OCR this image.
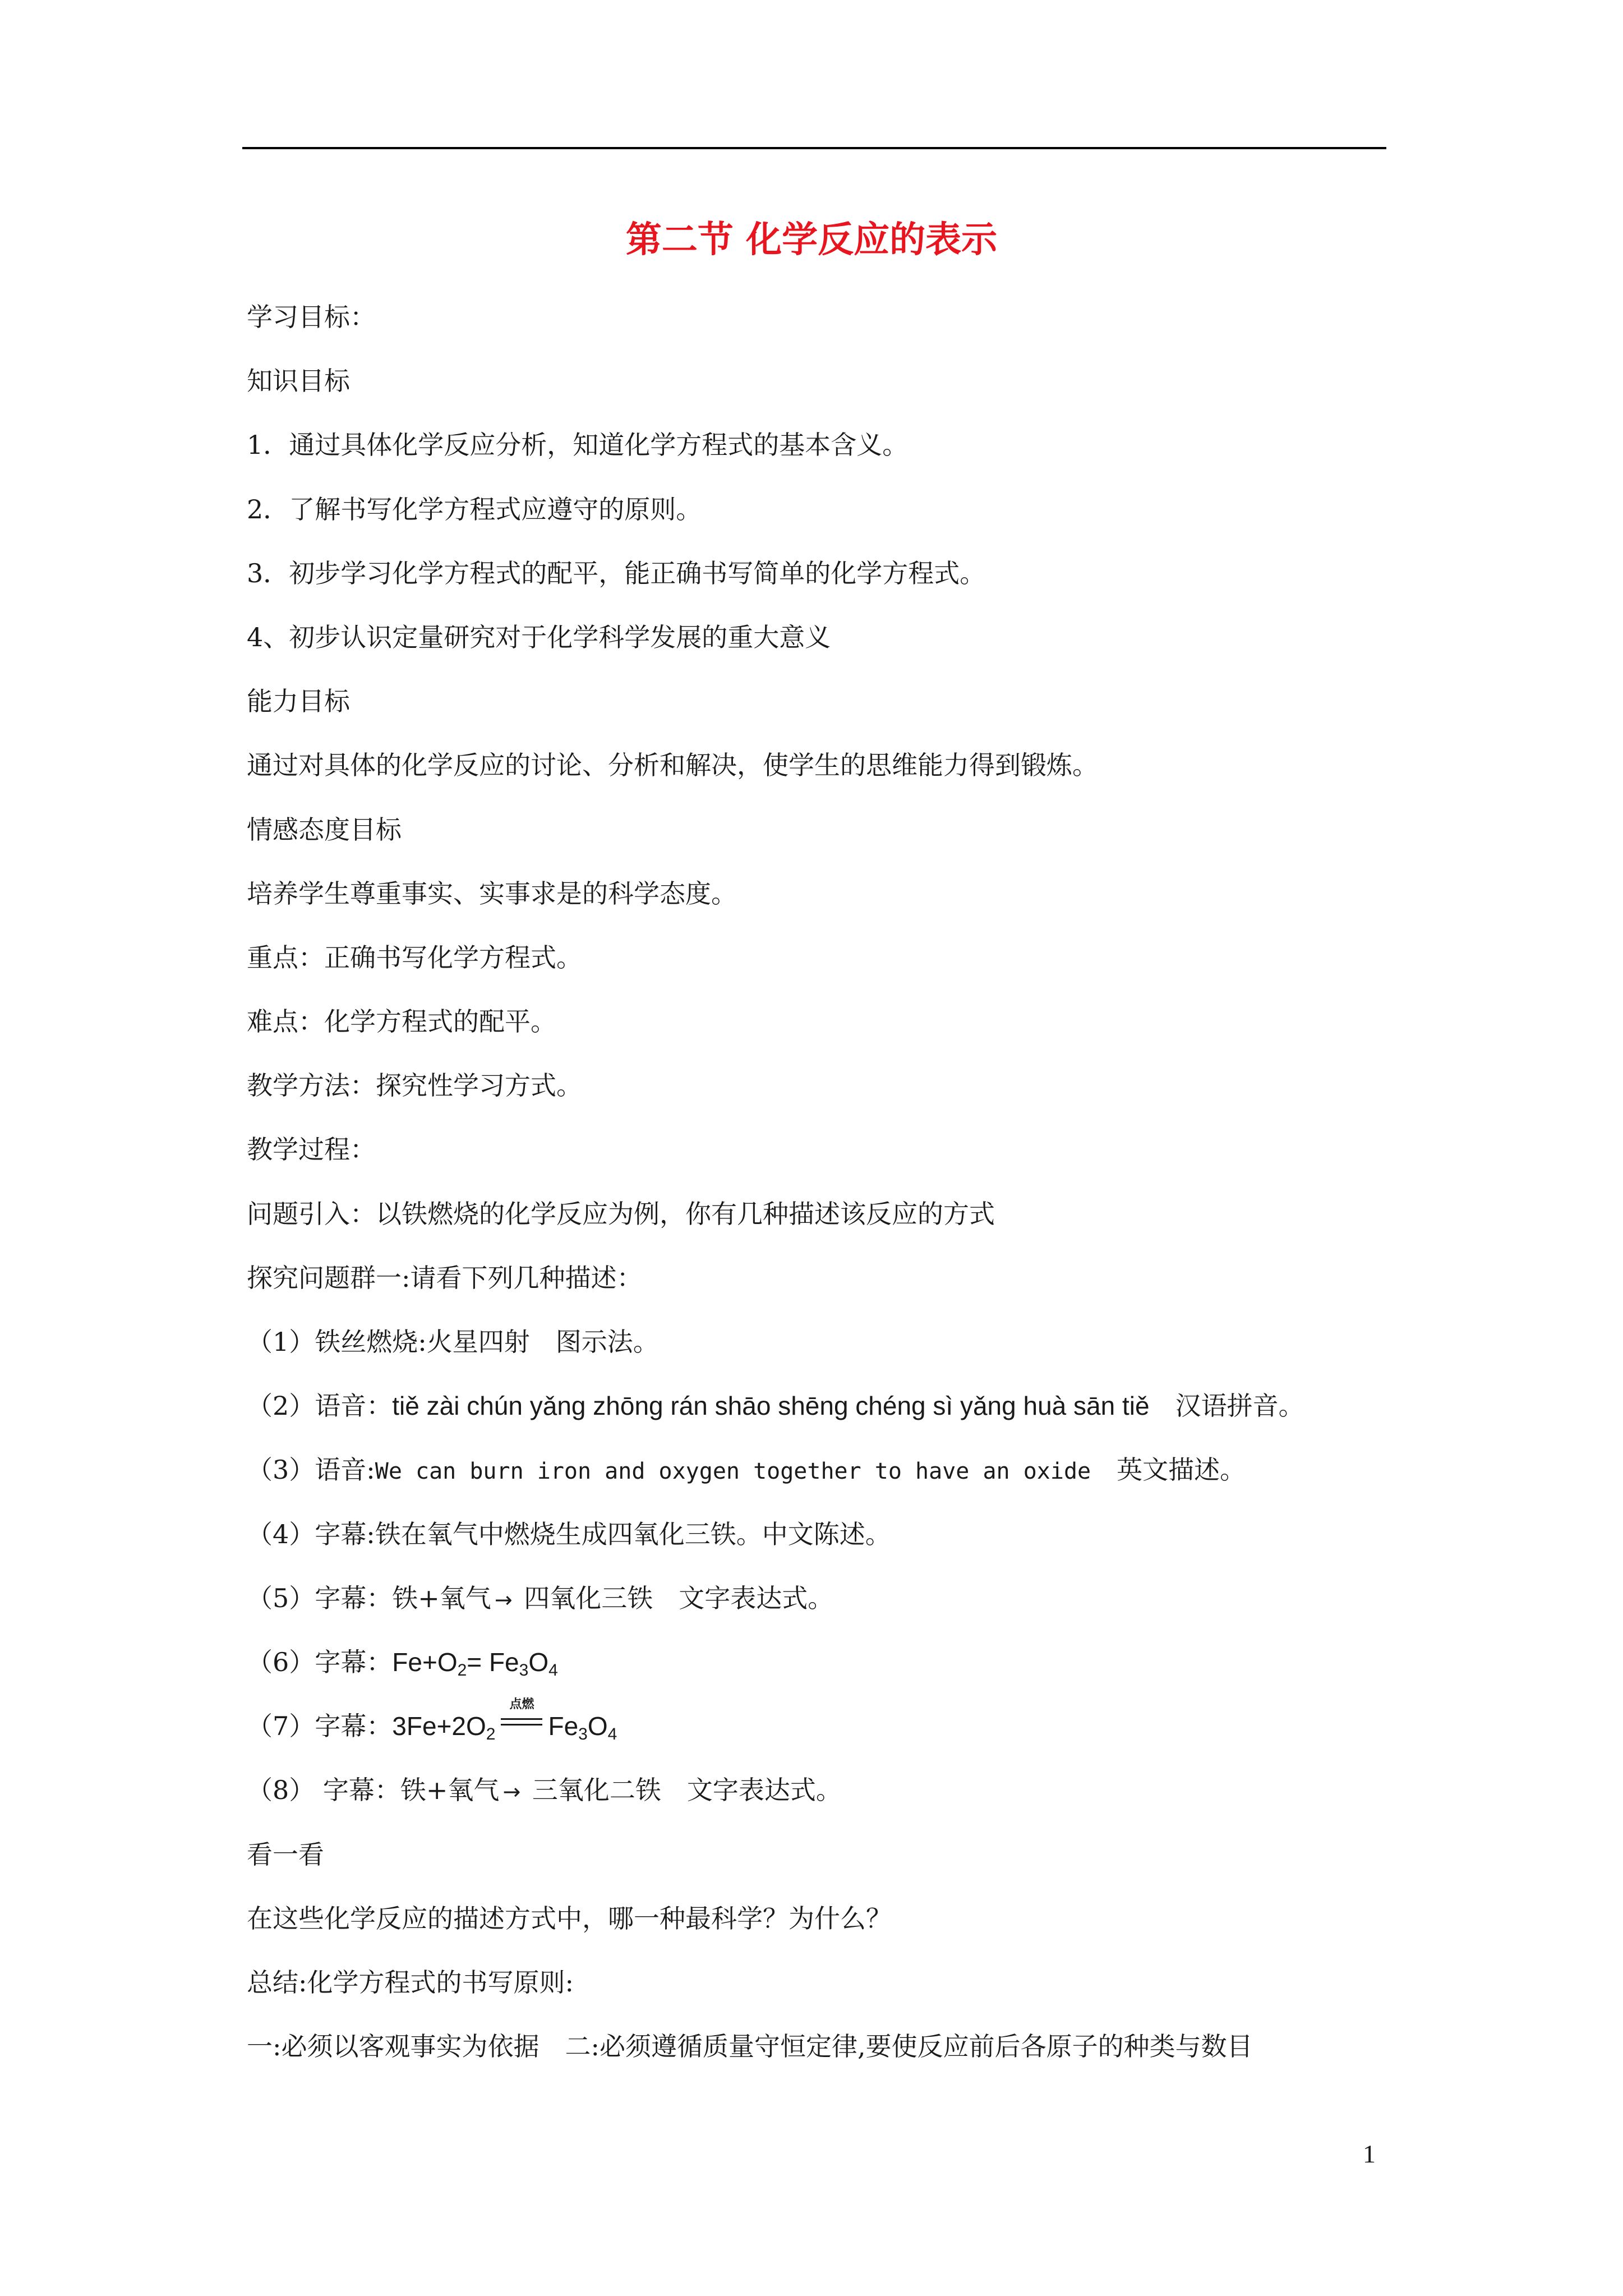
第二节 化学反应的表示
学习目标：
知识目标
1．通过具体化学反应分析，知道化学方程式的基本含义。
2．了解书写化学方程式应遵守的原则。
3．初步学习化学方程式的配平，能正确书写简单的化学方程式。
4、初步认识定量研究对于化学科学发展的重大意义
能力目标
通过对具体的化学反应的讨论、分析和解决，使学生的思维能力得到锻炼。
情感态度目标
培养学生尊重事实、实事求是的科学态度。
重点：正确书写化学方程式。
难点：化学方程式的配平。
教学方法：探究性学习方式。
教学过程：
问题引入：以铁燃烧的化学反应为例，你有几种描述该反应的方式
探究问题群一:请看下列几种描述：
（1）铁丝燃烧:火星四射　图示法。
（2）语音：tiě zài chún yǎng zhōng rán shāo shēng chéng sì yǎng huà sān tiě　汉语拼音。
（3）语音:We can burn iron and oxygen together to have an oxide　英文描述。
（4）字幕:铁在氧气中燃烧生成四氧化三铁。中文陈述。
（5）字幕：铁+氧气 → 四氧化三铁　文字表达式。
（6）字幕：$Fe+O_2= Fe_3O_4$
（7）字幕：$3Fe+2O_2$
点燃
$Fe_3O_4$
（8） 字幕：铁+氧气 → 三氧化二铁　文字表达式。
看一看
在这些化学反应的描述方式中，哪一种最科学？为什么？
总结:化学方程式的书写原则:
一:必须以客观事实为依据　二:必须遵循质量守恒定律,要使反应前后各原子的种类与数目
1
